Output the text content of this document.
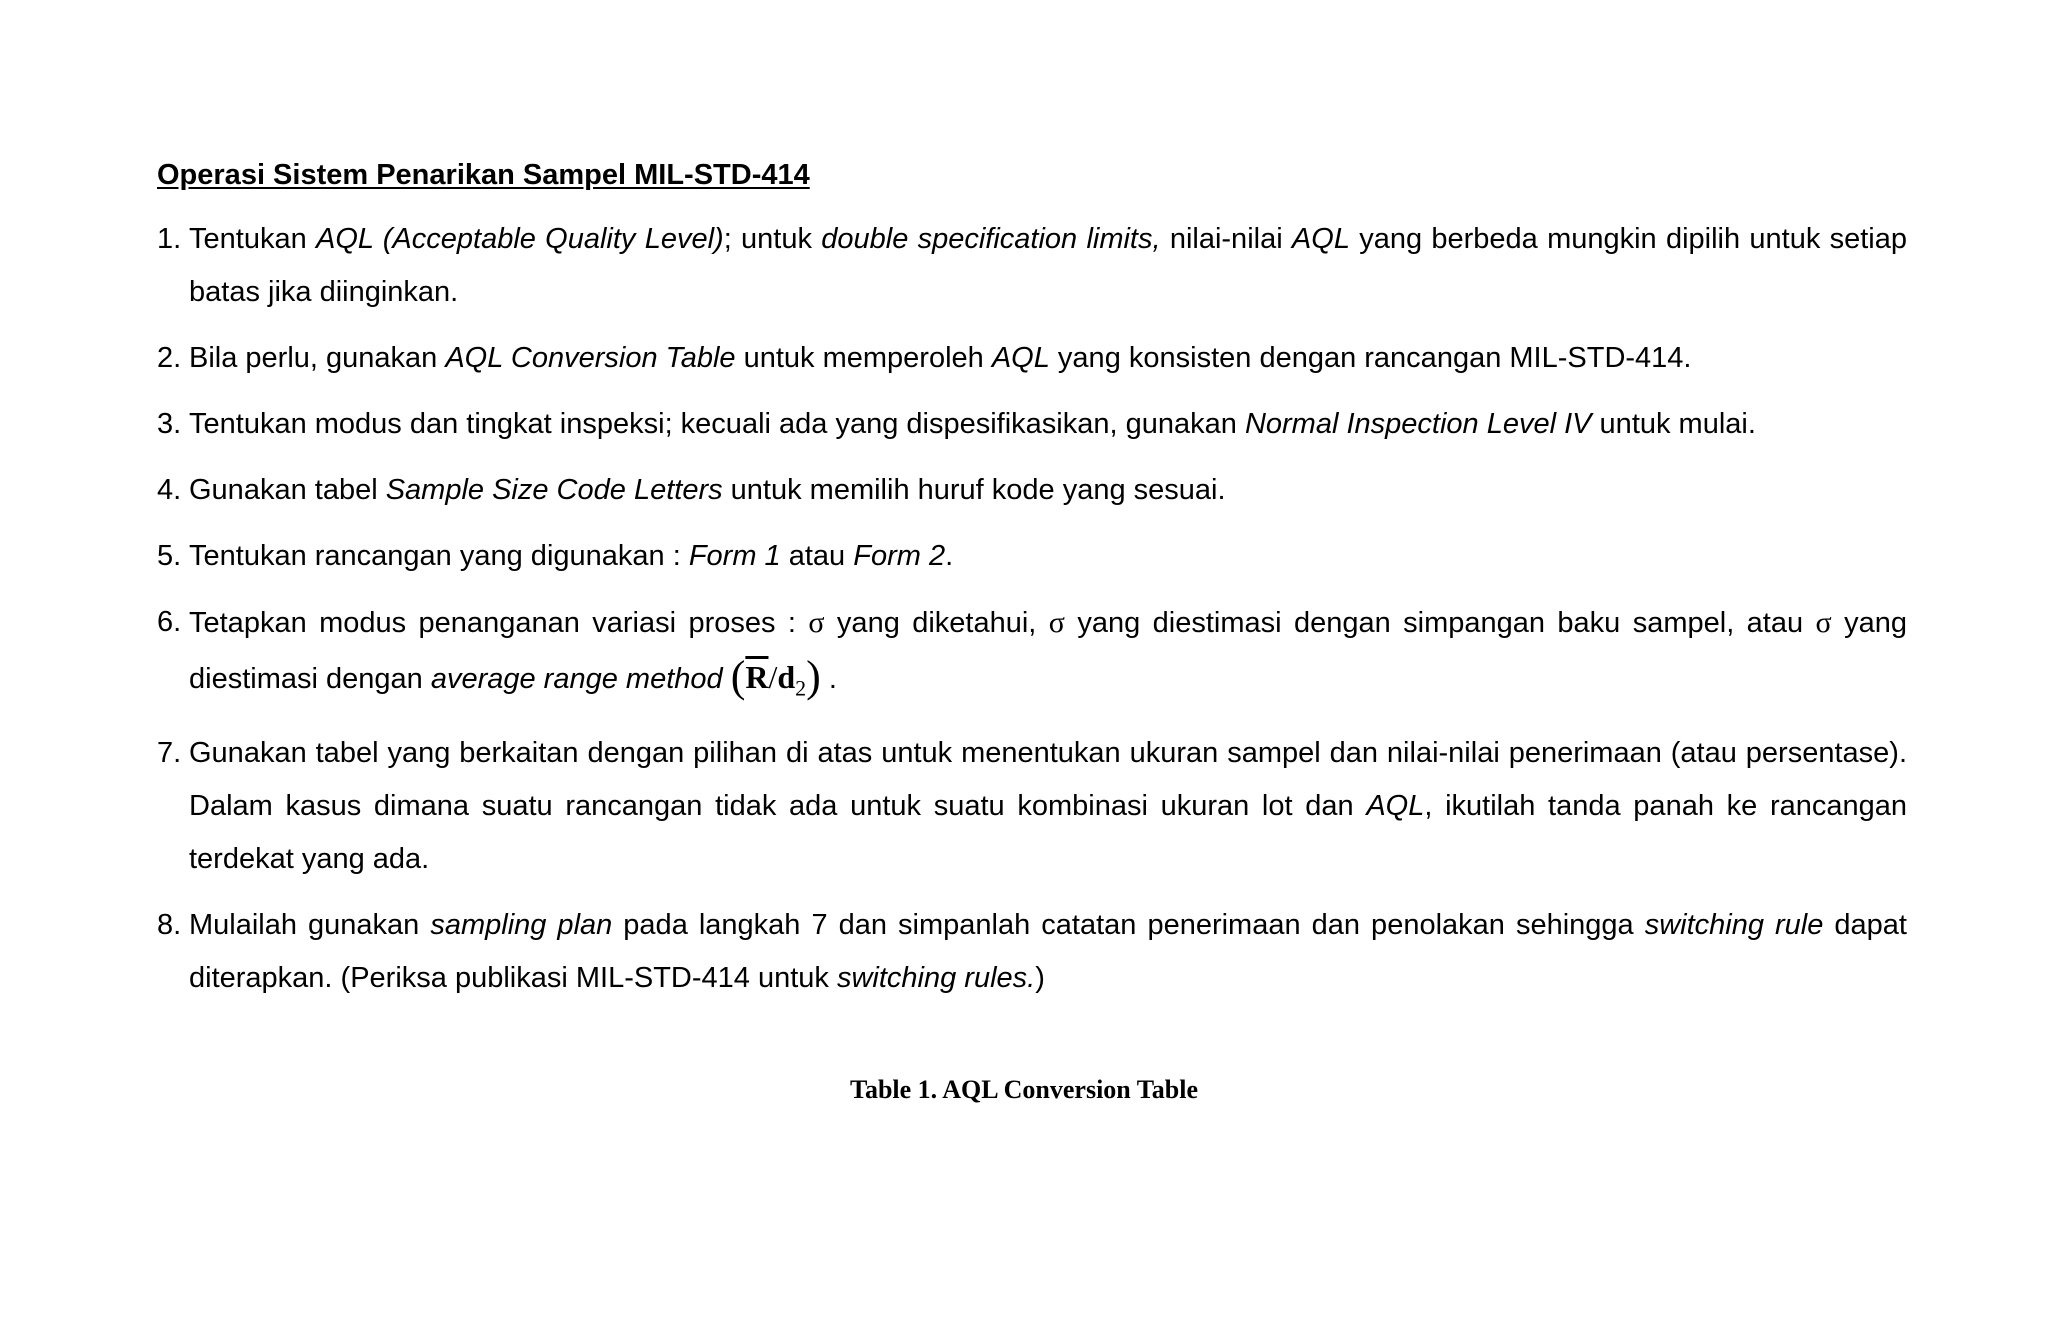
Operasi Sistem Penarikan Sampel MIL-STD-414
1. Tentukan AQL (Acceptable Quality Level); untuk double specification limits, nilai-nilai AQL yang berbeda mungkin dipilih untuk setiap batas jika diinginkan.
2. Bila perlu, gunakan AQL Conversion Table untuk memperoleh AQL yang konsisten dengan rancangan MIL-STD-414.
3. Tentukan modus dan tingkat inspeksi; kecuali ada yang dispesifikasikan, gunakan Normal Inspection Level IV untuk mulai.
4. Gunakan tabel Sample Size Code Letters untuk memilih huruf kode yang sesuai.
5. Tentukan rancangan yang digunakan : Form 1 atau Form 2.
6. Tetapkan modus penanganan variasi proses : σ yang diketahui, σ yang diestimasi dengan simpangan baku sampel, atau σ yang diestimasi dengan average range method $(\overline{R}/d_2)$ .
7. Gunakan tabel yang berkaitan dengan pilihan di atas untuk menentukan ukuran sampel dan nilai-nilai penerimaan (atau persentase). Dalam kasus dimana suatu rancangan tidak ada untuk suatu kombinasi ukuran lot dan AQL, ikutilah tanda panah ke rancangan terdekat yang ada.
8. Mulailah gunakan sampling plan pada langkah 7 dan simpanlah catatan penerimaan dan penolakan sehingga switching rule dapat diterapkan. (Periksa publikasi MIL-STD-414 untuk switching rules.)
Table 1. AQL Conversion Table
